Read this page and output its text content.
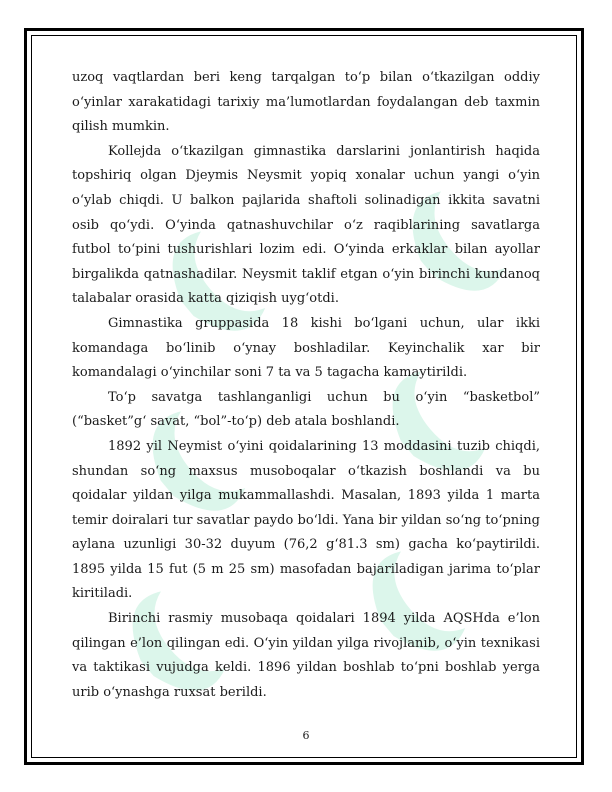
uzoq vaqtlardan beri keng tarqalgan to‘p bilan o‘tkazilgan oddiy o‘yinlar xarakatidagi tarixiy ma’lumotlardan foydalangan deb taxmin qilish mumkin.

Kollejda o‘tkazilgan gimnastika darslarini jonlantirish haqida topshiriq olgan Djeymis Neysmit yopiq xonalar uchun yangi o‘yin o‘ylab chiqdi. U balkon pajlarida shaftoli solinadigan ikkita savatni osib qo‘ydi. O‘yinda qatnashuvchilar o‘z raqiblarining savatlarga futbol to‘pini tushurishlari lozim edi. O‘yinda erkaklar bilan ayollar birgalikda qatnashadilar. Neysmit taklif etgan o‘yin birinchi kundanoq talabalar orasida katta qiziqish uyg‘otdi.

Gimnastika gruppasida 18 kishi bo‘lgani uchun, ular ikki komandaga bo‘linib o‘ynay boshladilar. Keyinchalik xar bir komandalagi o‘yinchilar soni 7 ta va 5 tagacha kamaytirildi.

To‘p savatga tashlanganligi uchun bu o‘yin “basketbol” (“basket”g‘ savat, “bol”-to‘p) deb atala boshlandi.

1892 yil Neymist o‘yini qoidalarining 13 moddasini tuzib chiqdi, shundan so‘ng maxsus musoboqalar o‘tkazish boshlandi va bu qoidalar yildan yilga mukammallashdi. Masalan, 1893 yilda 1 marta temir doiralari tur savatlar paydo bo‘ldi. Yana bir yildan so‘ng to‘pning aylana uzunligi 30-32 duyum (76,2 g‘81.3 sm) gacha ko‘paytirildi. 1895 yilda 15 fut (5 m 25 sm) masofadan bajariladigan jarima to‘plar kiritiladi.

Birinchi rasmiy musobaqa qoidalari 1894 yilda AQSHda e’lon qilingan e’lon qilingan edi. O‘yin yildan yilga rivojlanib, o‘yin texnikasi va taktikasi vujudga keldi. 1896 yildan boshlab to‘pni boshlab yerga urib o‘ynashga ruxsat berildi.

6
